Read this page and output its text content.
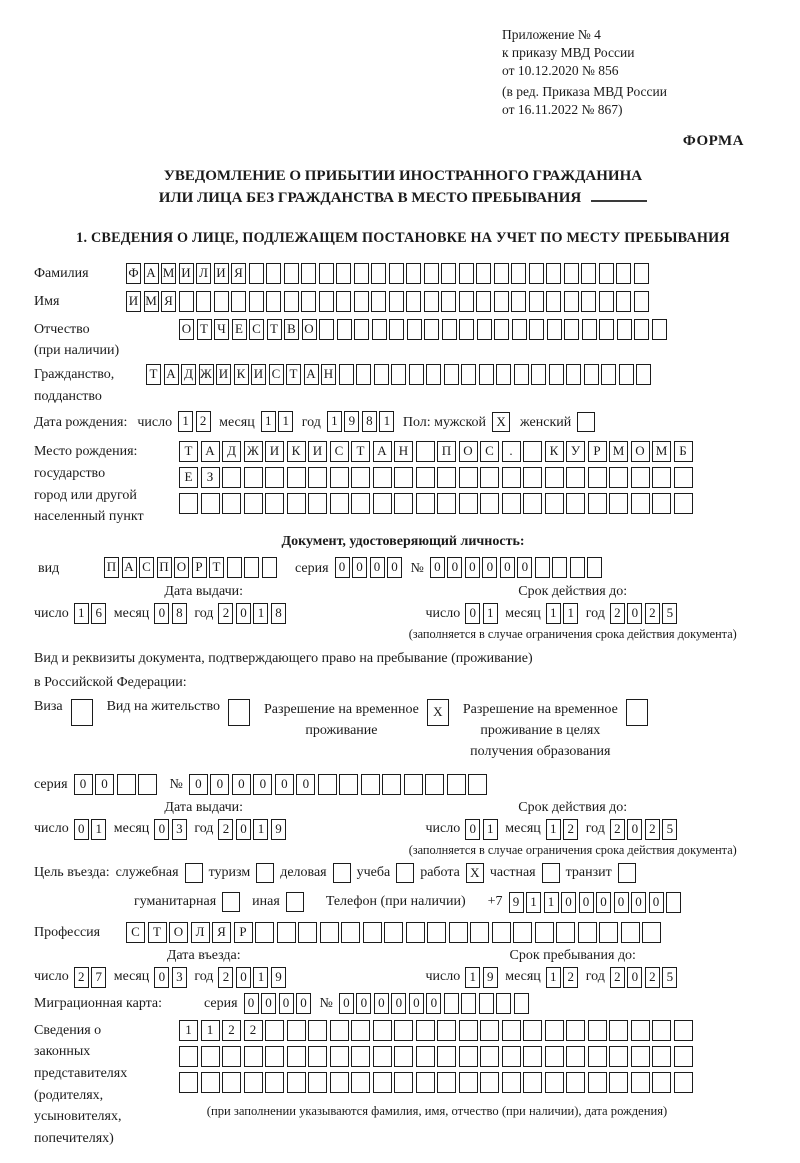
Приложение № 4
к приказу МВД России
от 10.12.2020 № 856
(в ред. Приказа МВД России
от 16.11.2022 № 867)
ФОРМА
УВЕДОМЛЕНИЕ О ПРИБЫТИИ ИНОСТРАННОГО ГРАЖДАНИНА
ИЛИ ЛИЦА БЕЗ ГРАЖДАНСТВА В МЕСТО ПРЕБЫВАНИЯ
1. СВЕДЕНИЯ О ЛИЦЕ, ПОДЛЕЖАЩЕМ ПОСТАНОВКЕ НА УЧЕТ ПО МЕСТУ ПРЕБЫВАНИЯ
Фамилия	Ф А М И Л И Я
Имя	И М Я
Отчество
(при наличии)
О Т Ч Е С Т В О
Гражданство,
подданство
Т А Д Ж И К И С Т А Н
Дата рождения: число 1 2 месяц 1 1 год 1 9 8 1 Пол: мужской X	женский
Место рождения:
государство
город или другой
населенный пункт
Т А Д Ж И К И С Т А Н	П О С .	К У Р М О М Б
Е З
Документ, удостоверяющий личность:
вид	П А С П О Р Т	серия 0 0 0 0 № 0 0 0 0 0 0
Дата выдачи:
число 1 6 месяц 0 8 год 2 0 1 8
Срок действия до:
число 0 1 месяц 1 1 год 2 0 2 5
(заполняется в случае ограничения срока действия документа)
Вид и реквизиты документа, подтверждающего право на пребывание (проживание)
в Российской Федерации:
Виза	Вид на жительство	Разрешение на временное
проживание
X	Разрешение на временное
проживание в целях
получения образования
серия 0 0	№ 0 0 0 0 0 0
Дата выдачи:
число 0 1 месяц 0 3 год 2 0 1 9
Срок действия до:
число 0 1 месяц 1 2 год 2 0 2 5
(заполняется в случае ограничения срока действия документа)
Цель въезда: служебная туризм деловая учеба работа X частная транзит
гуманитарная	иная	Телефон (при наличии) +7 9 1 1 0 0 0 0 0 0
Профессия	С Т О Л Я Р
Дата въезда:
число 2 7 месяц 0 3 год 2 0 1 9
Срок пребывания до:
число 1 9 месяц 1 2 год 2 0 2 5
Миграционная карта:	серия 0 0 0 0 № 0 0 0 0 0 0
Сведения о
законных
представителях
(родителях,
усыновителях,
попечителях)
1 1 2 2
(при заполнении указываются фамилия, имя, отчество (при наличии), дата рождения)
